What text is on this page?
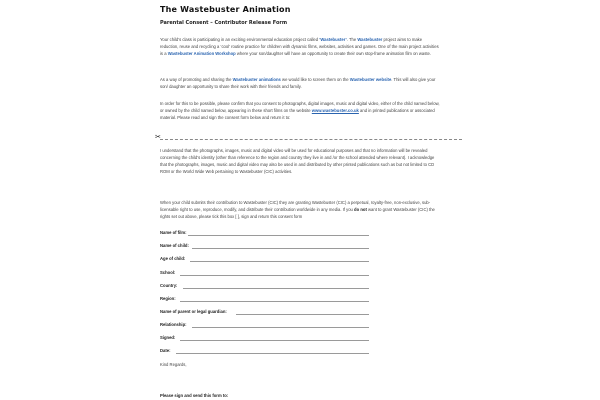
The Wastebuster Animation
Parental Consent – Contributor Release Form
Your child’s class is participating in an exciting environmental education project called ‘Wastebuster’. The Wastebuster project aims to make reduction, reuse and recycling a ‘cool’ routine practice for children with dynamic films, websites, activities and games. One of the main project activities is a Wastebuster Animation Workshop where your son/daughter will have an opportunity to create their own stop-frame animation film on waste.
As a way of promoting and sharing the Wastebuster animations we would like to screen them on the Wastebuster website. This will also give your son/ daughter an opportunity to share their work with their friends and family.
In order for this to be possible, please confirm that you consent to photographs, digital images, music and digital video, either of the child named below, or owned by the child named below, appearing in these short films on the website www.wastebuster.co.uk and in printed publications or associated material. Please read and sign the consent form below and return it to:
✂
I understand that the photographs, images, music and digital video will be used for educational purposes and that no information will be revealed concerning the child’s identity (other than reference to the region and country they live in and /or the school attended where relevant). I acknowledge that the photographs, images, music and digital video may also be used in and distributed by other printed publications such as but not limited to CD ROM or the World Wide Web pertaining to Wastebuster (CIC) activities.
When your child submits their contribution to Wastebuster (CIC) they are granting Wastebuster (CIC) a perpetual, royalty-free, non-exclusive, sub-licensable right to use, reproduce, modify, and distribute their contribution worldwide in any media. If you do not want to grant Wastebuster (CIC) the rights set out above, please tick this box [ ], sign and return this consent form
Name of film:
Name of child:
Age of child:
School:
Country:
Region:
Name of parent or legal guardian:
Relationship:
Signed:
Date:
Kind Regards,
Please sign and send this form to:
